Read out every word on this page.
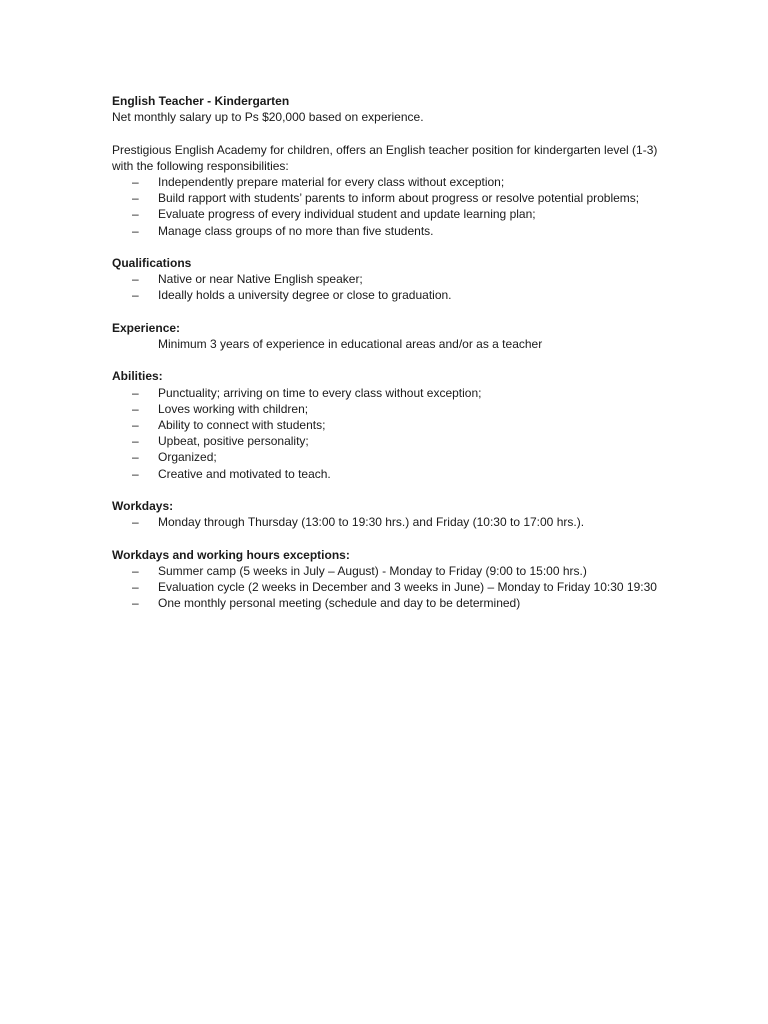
English Teacher - Kindergarten

Net monthly salary up to Ps $20,000 based on experience.

Prestigious English Academy for children, offers an English teacher position for kindergarten level (1-3)

with the following responsibilities:

– Independently prepare material for every class without exception;
– Build rapport with students’ parents to inform about progress or resolve potential problems;
– Evaluate progress of every individual student and update learning plan;
– Manage class groups of no more than five students.

Qualifications

– Native or near Native English speaker;
– Ideally holds a university degree or close to graduation.

Experience:

Minimum 3 years of experience in educational areas and/or as a teacher

Abilities:

– Punctuality; arriving on time to every class without exception;
– Loves working with children;
– Ability to connect with students;
– Upbeat, positive personality;
– Organized;
– Creative and motivated to teach.

Workdays:

– Monday through Thursday (13:00 to 19:30 hrs.) and Friday (10:30 to 17:00 hrs.).

Workdays and working hours exceptions:

– Summer camp (5 weeks in July – August) - Monday to Friday (9:00 to 15:00 hrs.)
– Evaluation cycle (2 weeks in December and 3 weeks in June) – Monday to Friday 10:30 19:30
– One monthly personal meeting (schedule and day to be determined)
